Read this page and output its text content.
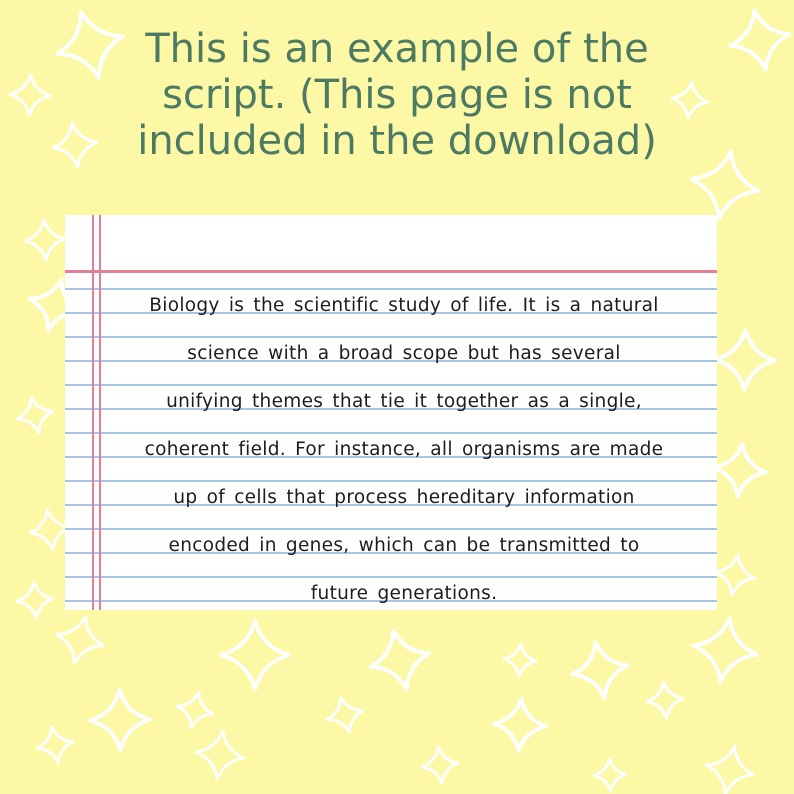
This is an example of the
script. (This page is not
included in the download)

Biology is the scientific study of life. It is a natural
science with a broad scope but has several
unifying themes that tie it together as a single,
coherent field. For instance, all organisms are made
up of cells that process hereditary information
encoded in genes, which can be transmitted to
future generations.
